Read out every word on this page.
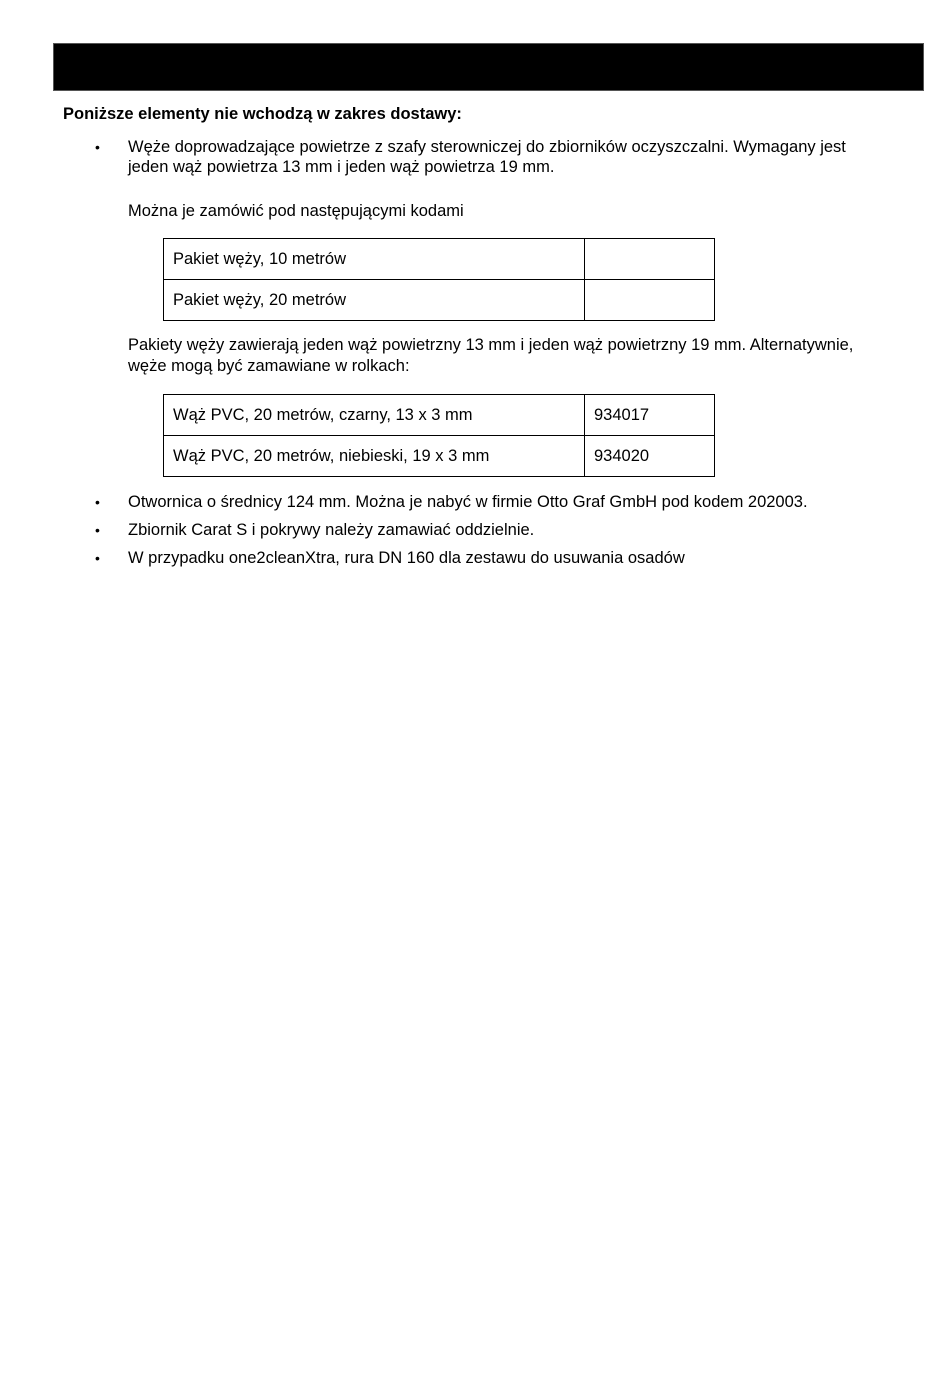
Poniższe elementy nie wchodzą w zakres dostawy:
• Węże doprowadzające powietrze z szafy sterowniczej do zbiorników oczyszczalni. Wymagany jest
jeden wąż powietrza 13 mm i jeden wąż powietrza 19 mm.
Można je zamówić pod następującymi kodami
Pakiet węży, 10 metrów	
Pakiet węży, 20 metrów	
Pakiety węży zawierają jeden wąż powietrzny 13 mm i jeden wąż powietrzny 19 mm. Alternatywnie,
węże mogą być zamawiane w rolkach:
Wąż PVC, 20 metrów, czarny, 13 x 3 mm	934017
Wąż PVC, 20 metrów, niebieski, 19 x 3 mm	934020
• Otwornica o średnicy 124 mm. Można je nabyć w firmie Otto Graf GmbH pod kodem 202003.
• Zbiornik Carat S i pokrywy należy zamawiać oddzielnie.
• W przypadku one2cleanXtra, rura DN 160 dla zestawu do usuwania osadów
